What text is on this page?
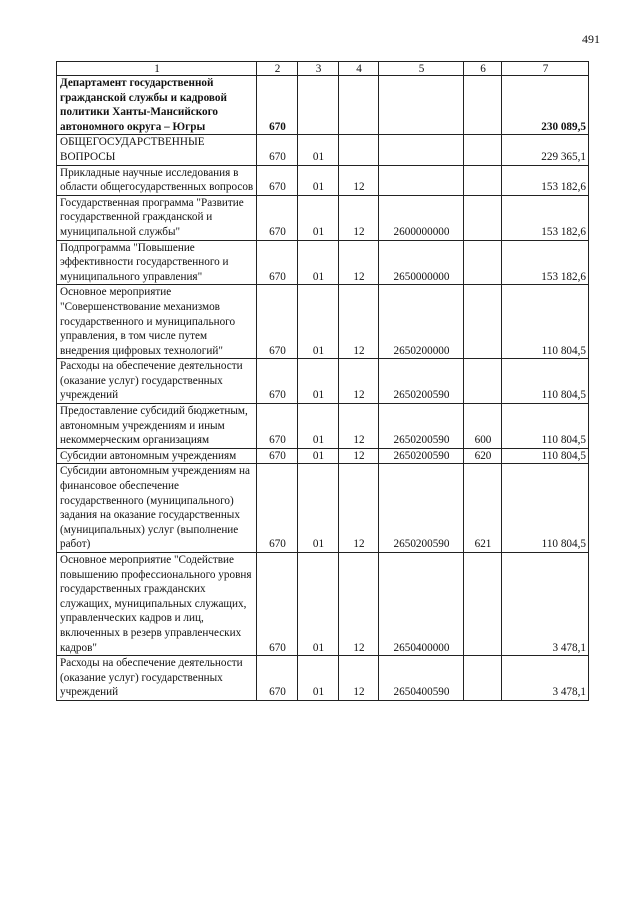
491
1	2	3	4	5	6	7
Департамент государственной гражданской службы и кадровой политики Ханты-Мансийского автономного округа – Югры	670					230 089,5
ОБЩЕГОСУДАРСТВЕННЫЕ ВОПРОСЫ	670	01				229 365,1
Прикладные научные исследования в области общегосударственных вопросов	670	01	12			153 182,6
Государственная программа "Развитие государственной гражданской и муниципальной службы"	670	01	12	2600000000		153 182,6
Подпрограмма "Повышение эффективности государственного и муниципального управления"	670	01	12	2650000000		153 182,6
Основное мероприятие "Совершенствование механизмов государственного и муниципального управления, в том числе путем внедрения цифровых технологий"	670	01	12	2650200000		110 804,5
Расходы на обеспечение деятельности (оказание услуг) государственных учреждений	670	01	12	2650200590		110 804,5
Предоставление субсидий бюджетным, автономным учреждениям и иным некоммерческим организациям	670	01	12	2650200590	600	110 804,5
Субсидии автономным учреждениям	670	01	12	2650200590	620	110 804,5
Субсидии автономным учреждениям на финансовое обеспечение государственного (муниципального) задания на оказание государственных (муниципальных) услуг (выполнение работ)	670	01	12	2650200590	621	110 804,5
Основное мероприятие "Содействие повышению профессионального уровня государственных гражданских служащих, муниципальных служащих, управленческих кадров и лиц, включенных в резерв управленческих кадров"	670	01	12	2650400000		3 478,1
Расходы на обеспечение деятельности (оказание услуг) государственных учреждений	670	01	12	2650400590		3 478,1
